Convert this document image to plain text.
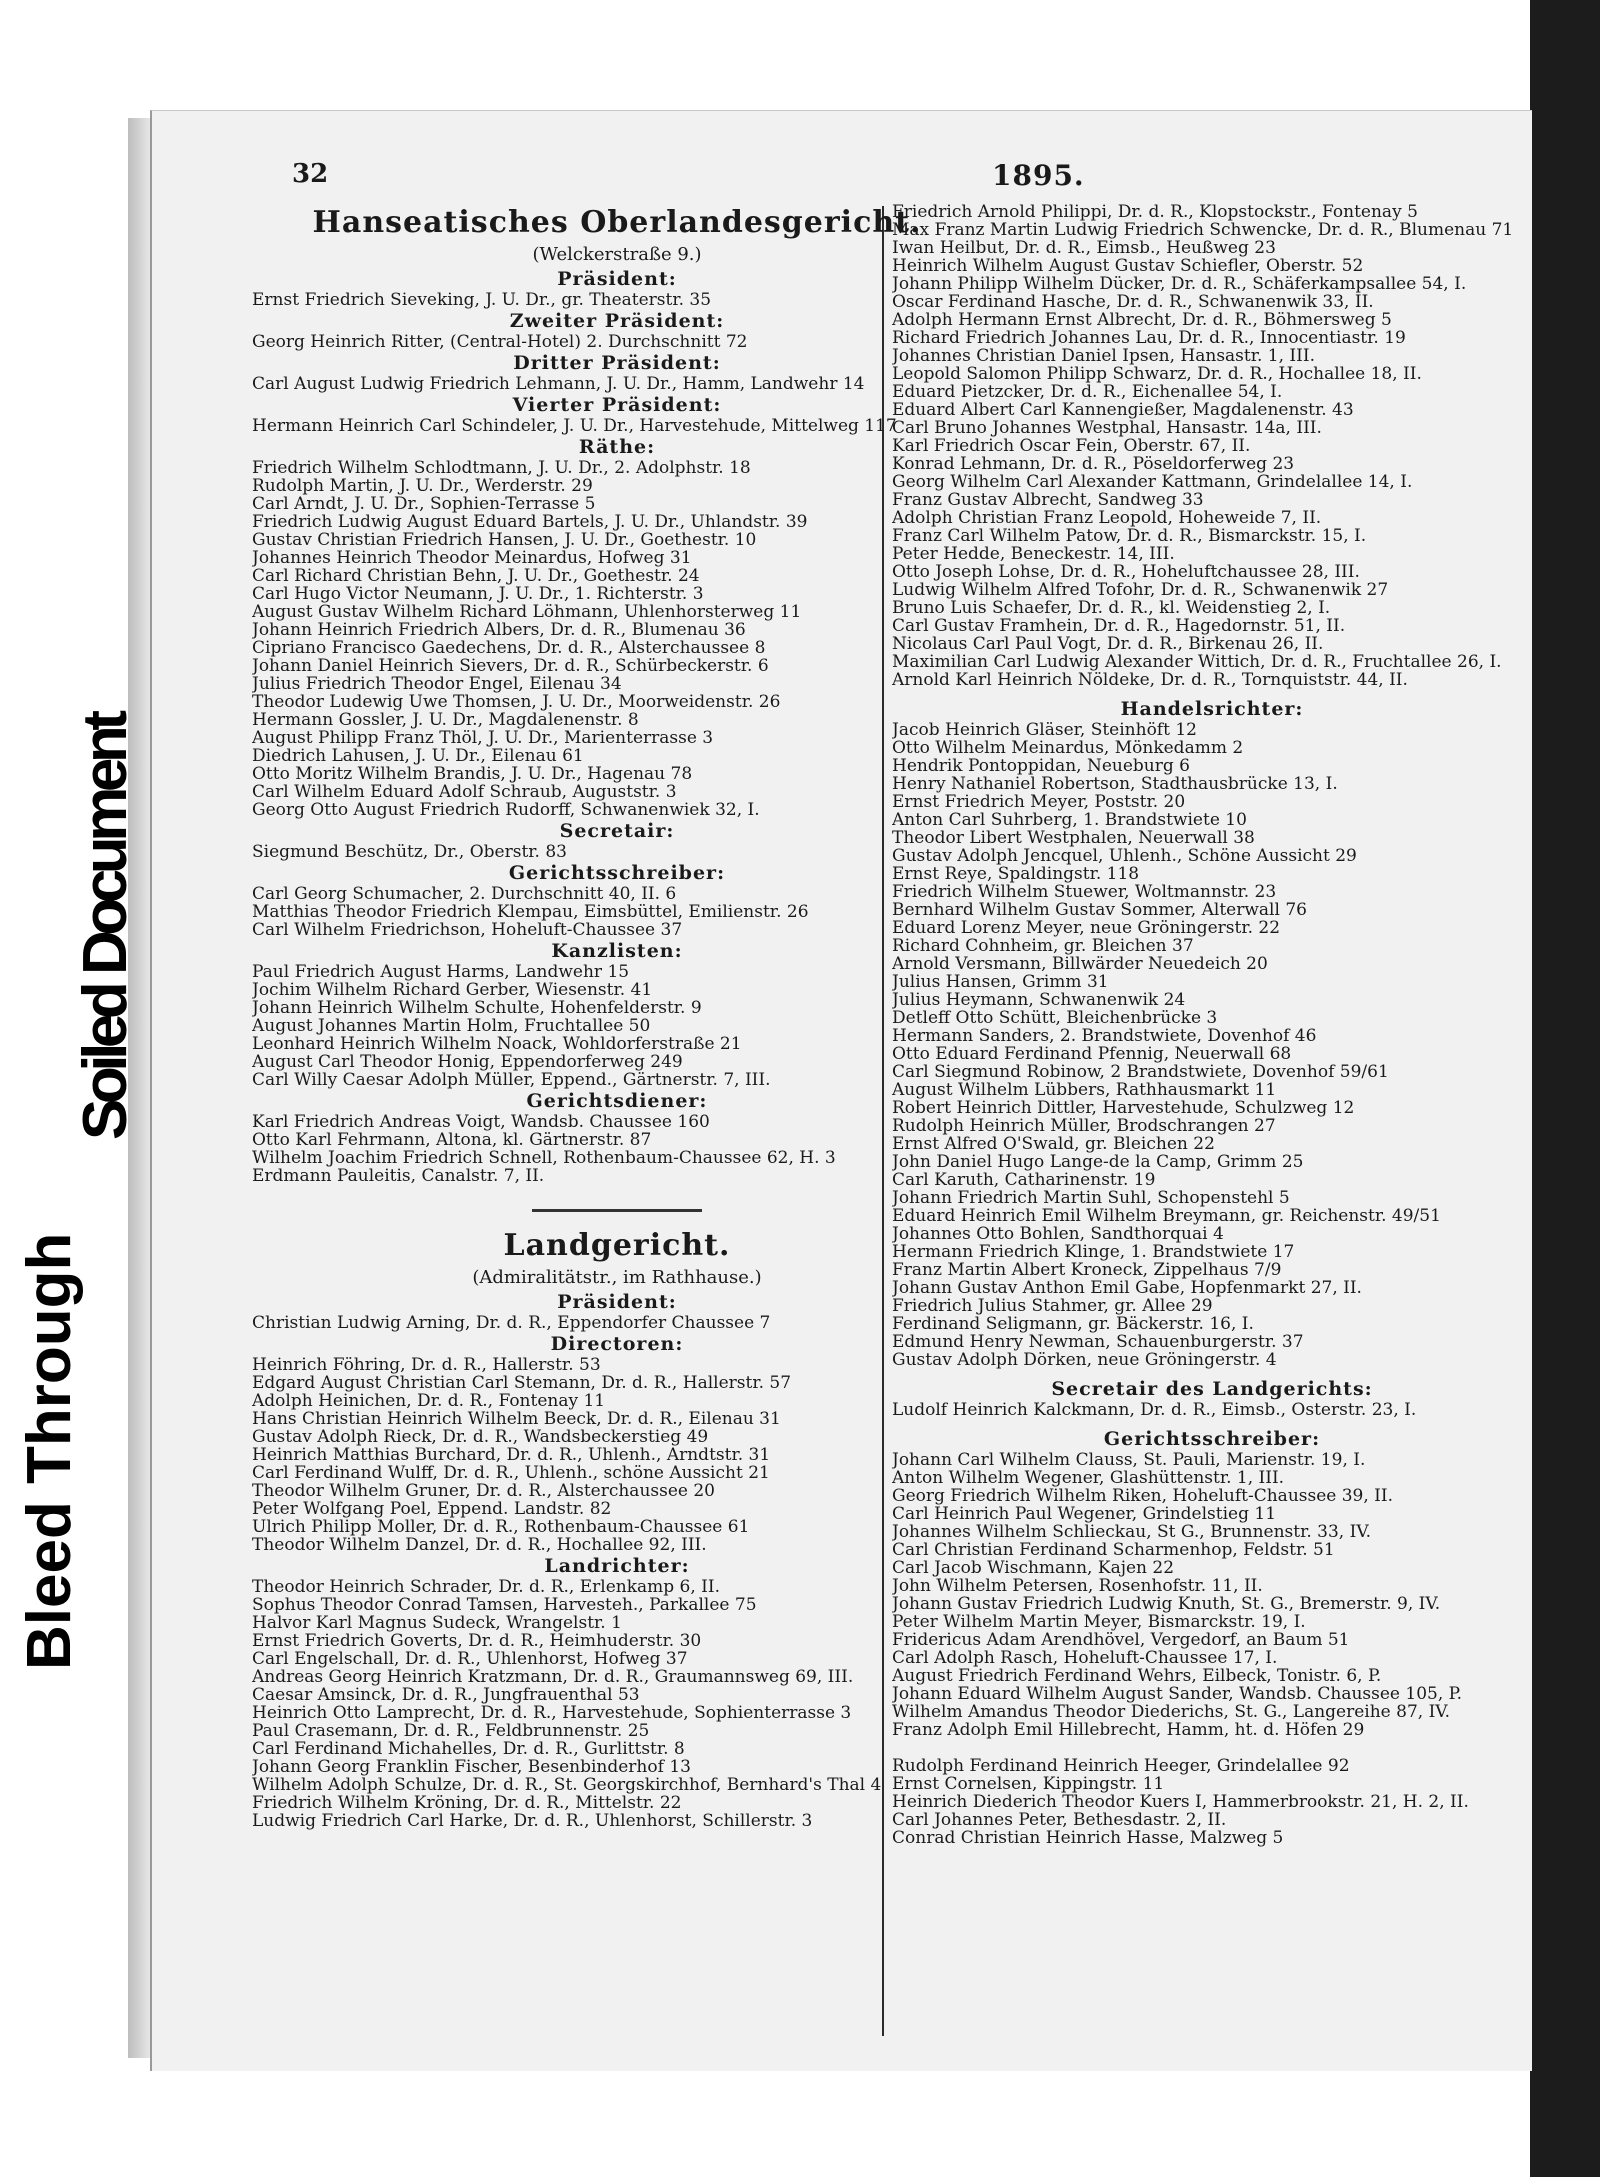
Bleed Through
Soiled Document
32	1895.
Hanseatisches Oberlandesgericht.
(Welckerstraße 9.)
Präsident:
Ernst Friedrich Sieveking, J. U. Dr., gr. Theaterstr. 35
Zweiter Präsident:
Georg Heinrich Ritter, (Central-Hotel) 2. Durchschnitt 72
Dritter Präsident:
Carl August Ludwig Friedrich Lehmann, J. U. Dr., Hamm, Landwehr 14
Vierter Präsident:
Hermann Heinrich Carl Schindeler, J. U. Dr., Harvestehude, Mittelweg 117
Räthe:
Friedrich Wilhelm Schlodtmann, J. U. Dr., 2. Adolphstr. 18
Rudolph Martin, J. U. Dr., Werderstr. 29
Carl Arndt, J. U. Dr., Sophien-Terrasse 5
Friedrich Ludwig August Eduard Bartels, J. U. Dr., Uhlandstr. 39
Gustav Christian Friedrich Hansen, J. U. Dr., Goethestr. 10
Johannes Heinrich Theodor Meinardus, Hofweg 31
Carl Richard Christian Behn, J. U. Dr., Goethestr. 24
Carl Hugo Victor Neumann, J. U. Dr., 1. Richterstr. 3
August Gustav Wilhelm Richard Löhmann, Uhlenhorsterweg 11
Johann Heinrich Friedrich Albers, Dr. d. R., Blumenau 36
Cipriano Francisco Gaedechens, Dr. d. R., Alsterchaussee 8
Johann Daniel Heinrich Sievers, Dr. d. R., Schürbeckerstr. 6
Julius Friedrich Theodor Engel, Eilenau 34
Theodor Ludewig Uwe Thomsen, J. U. Dr., Moorweidenstr. 26
Hermann Gossler, J. U. Dr., Magdalenenstr. 8
August Philipp Franz Thöl, J. U. Dr., Marienterrasse 3
Diedrich Lahusen, J. U. Dr., Eilenau 61
Otto Moritz Wilhelm Brandis, J. U. Dr., Hagenau 78
Carl Wilhelm Eduard Adolf Schraub, Auguststr. 3
Georg Otto August Friedrich Rudorff, Schwanenwiek 32, I.
Secretair:
Siegmund Beschütz, Dr., Oberstr. 83
Gerichtsschreiber:
Carl Georg Schumacher, 2. Durchschnitt 40, II. 6
Matthias Theodor Friedrich Klempau, Eimsbüttel, Emilienstr. 26
Carl Wilhelm Friedrichson, Hoheluft-Chaussee 37
Kanzlisten:
Paul Friedrich August Harms, Landwehr 15
Jochim Wilhelm Richard Gerber, Wiesenstr. 41
Johann Heinrich Wilhelm Schulte, Hohenfelderstr. 9
August Johannes Martin Holm, Fruchtallee 50
Leonhard Heinrich Wilhelm Noack, Wohldorferstraße 21
August Carl Theodor Honig, Eppendorferweg 249
Carl Willy Caesar Adolph Müller, Eppend., Gärtnerstr. 7, III.
Gerichtsdiener:
Karl Friedrich Andreas Voigt, Wandsb. Chaussee 160
Otto Karl Fehrmann, Altona, kl. Gärtnerstr. 87
Wilhelm Joachim Friedrich Schnell, Rothenbaum-Chaussee 62, H. 3
Erdmann Pauleitis, Canalstr. 7, II.
Landgericht.
(Admiralitätstr., im Rathhause.)
Präsident:
Christian Ludwig Arning, Dr. d. R., Eppendorfer Chaussee 7
Directoren:
Heinrich Föhring, Dr. d. R., Hallerstr. 53
Edgard August Christian Carl Stemann, Dr. d. R., Hallerstr. 57
Adolph Heinichen, Dr. d. R., Fontenay 11
Hans Christian Heinrich Wilhelm Beeck, Dr. d. R., Eilenau 31
Gustav Adolph Rieck, Dr. d. R., Wandsbeckerstieg 49
Heinrich Matthias Burchard, Dr. d. R., Uhlenh., Arndtstr. 31
Carl Ferdinand Wulff, Dr. d. R., Uhlenh., schöne Aussicht 21
Theodor Wilhelm Gruner, Dr. d. R., Alsterchaussee 20
Peter Wolfgang Poel, Eppend. Landstr. 82
Ulrich Philipp Moller, Dr. d. R., Rothenbaum-Chaussee 61
Theodor Wilhelm Danzel, Dr. d. R., Hochallee 92, III.
Landrichter:
Theodor Heinrich Schrader, Dr. d. R., Erlenkamp 6, II.
Sophus Theodor Conrad Tamsen, Harvesteh., Parkallee 75
Halvor Karl Magnus Sudeck, Wrangelstr. 1
Ernst Friedrich Goverts, Dr. d. R., Heimhuderstr. 30
Carl Engelschall, Dr. d. R., Uhlenhorst, Hofweg 37
Andreas Georg Heinrich Kratzmann, Dr. d. R., Graumannsweg 69, III.
Caesar Amsinck, Dr. d. R., Jungfrauenthal 53
Heinrich Otto Lamprecht, Dr. d. R., Harvestehude, Sophienterrasse 3
Paul Crasemann, Dr. d. R., Feldbrunnenstr. 25
Carl Ferdinand Michahelles, Dr. d. R., Gurlittstr. 8
Johann Georg Franklin Fischer, Besenbinderhof 13
Wilhelm Adolph Schulze, Dr. d. R., St. Georgskirchhof, Bernhard's Thal 4
Friedrich Wilhelm Kröning, Dr. d. R., Mittelstr. 22
Ludwig Friedrich Carl Harke, Dr. d. R., Uhlenhorst, Schillerstr. 3
Friedrich Arnold Philippi, Dr. d. R., Klopstockstr., Fontenay 5
Max Franz Martin Ludwig Friedrich Schwencke, Dr. d. R., Blumenau 71
Iwan Heilbut, Dr. d. R., Eimsb., Heußweg 23
Heinrich Wilhelm August Gustav Schiefler, Oberstr. 52
Johann Philipp Wilhelm Dücker, Dr. d. R., Schäferkampsallee 54, I.
Oscar Ferdinand Hasche, Dr. d. R., Schwanenwik 33, II.
Adolph Hermann Ernst Albrecht, Dr. d. R., Böhmersweg 5
Richard Friedrich Johannes Lau, Dr. d. R., Innocentiastr. 19
Johannes Christian Daniel Ipsen, Hansastr. 1, III.
Leopold Salomon Philipp Schwarz, Dr. d. R., Hochallee 18, II.
Eduard Pietzcker, Dr. d. R., Eichenallee 54, I.
Eduard Albert Carl Kannengießer, Magdalenenstr. 43
Carl Bruno Johannes Westphal, Hansastr. 14a, III.
Karl Friedrich Oscar Fein, Oberstr. 67, II.
Konrad Lehmann, Dr. d. R., Pöseldorferweg 23
Georg Wilhelm Carl Alexander Kattmann, Grindelallee 14, I.
Franz Gustav Albrecht, Sandweg 33
Adolph Christian Franz Leopold, Hoheweide 7, II.
Franz Carl Wilhelm Patow, Dr. d. R., Bismarckstr. 15, I.
Peter Hedde, Beneckestr. 14, III.
Otto Joseph Lohse, Dr. d. R., Hoheluftchaussee 28, III.
Ludwig Wilhelm Alfred Tofohr, Dr. d. R., Schwanenwik 27
Bruno Luis Schaefer, Dr. d. R., kl. Weidenstieg 2, I.
Carl Gustav Framhein, Dr. d. R., Hagedornstr. 51, II.
Nicolaus Carl Paul Vogt, Dr. d. R., Birkenau 26, II.
Maximilian Carl Ludwig Alexander Wittich, Dr. d. R., Fruchtallee 26, I.
Arnold Karl Heinrich Nöldeke, Dr. d. R., Tornquiststr. 44, II.
Handelsrichter:
Jacob Heinrich Gläser, Steinhöft 12
Otto Wilhelm Meinardus, Mönkedamm 2
Hendrik Pontoppidan, Neueburg 6
Henry Nathaniel Robertson, Stadthausbrücke 13, I.
Ernst Friedrich Meyer, Poststr. 20
Anton Carl Suhrberg, 1. Brandstwiete 10
Theodor Libert Westphalen, Neuerwall 38
Gustav Adolph Jencquel, Uhlenh., Schöne Aussicht 29
Ernst Reye, Spaldingstr. 118
Friedrich Wilhelm Stuewer, Woltmannstr. 23
Bernhard Wilhelm Gustav Sommer, Alterwall 76
Eduard Lorenz Meyer, neue Gröningerstr. 22
Richard Cohnheim, gr. Bleichen 37
Arnold Versmann, Billwärder Neuedeich 20
Julius Hansen, Grimm 31
Julius Heymann, Schwanenwik 24
Detleff Otto Schütt, Bleichenbrücke 3
Hermann Sanders, 2. Brandstwiete, Dovenhof 46
Otto Eduard Ferdinand Pfennig, Neuerwall 68
Carl Siegmund Robinow, 2 Brandstwiete, Dovenhof 59/61
August Wilhelm Lübbers, Rathhausmarkt 11
Robert Heinrich Dittler, Harvestehude, Schulzweg 12
Rudolph Heinrich Müller, Brodschrangen 27
Ernst Alfred O'Swald, gr. Bleichen 22
John Daniel Hugo Lange-de la Camp, Grimm 25
Carl Karuth, Catharinenstr. 19
Johann Friedrich Martin Suhl, Schopenstehl 5
Eduard Heinrich Emil Wilhelm Breymann, gr. Reichenstr. 49/51
Johannes Otto Bohlen, Sandthorquai 4
Hermann Friedrich Klinge, 1. Brandstwiete 17
Franz Martin Albert Kroneck, Zippelhaus 7/9
Johann Gustav Anthon Emil Gabe, Hopfenmarkt 27, II.
Friedrich Julius Stahmer, gr. Allee 29
Ferdinand Seligmann, gr. Bäckerstr. 16, I.
Edmund Henry Newman, Schauenburgerstr. 37
Gustav Adolph Dörken, neue Gröningerstr. 4
Secretair des Landgerichts:
Ludolf Heinrich Kalckmann, Dr. d. R., Eimsb., Osterstr. 23, I.
Gerichtsschreiber:
Johann Carl Wilhelm Clauss, St. Pauli, Marienstr. 19, I.
Anton Wilhelm Wegener, Glashüttenstr. 1, III.
Georg Friedrich Wilhelm Riken, Hoheluft-Chaussee 39, II.
Carl Heinrich Paul Wegener, Grindelstieg 11
Johannes Wilhelm Schlieckau, St G., Brunnenstr. 33, IV.
Carl Christian Ferdinand Scharmenhop, Feldstr. 51
Carl Jacob Wischmann, Kajen 22
John Wilhelm Petersen, Rosenhofstr. 11, II.
Johann Gustav Friedrich Ludwig Knuth, St. G., Bremerstr. 9, IV.
Peter Wilhelm Martin Meyer, Bismarckstr. 19, I.
Fridericus Adam Arendhövel, Vergedorf, an Baum 51
Carl Adolph Rasch, Hoheluft-Chaussee 17, I.
August Friedrich Ferdinand Wehrs, Eilbeck, Tonistr. 6, P.
Johann Eduard Wilhelm August Sander, Wandsb. Chaussee 105, P.
Wilhelm Amandus Theodor Diederichs, St. G., Langereihe 87, IV.
Franz Adolph Emil Hillebrecht, Hamm, ht. d. Höfen 29
Rudolph Ferdinand Heinrich Heeger, Grindelallee 92
Ernst Cornelsen, Kippingstr. 11
Heinrich Diederich Theodor Kuers I, Hammerbrookstr. 21, H. 2, II.
Carl Johannes Peter, Bethesdastr. 2, II.
Conrad Christian Heinrich Hasse, Malzweg 5
